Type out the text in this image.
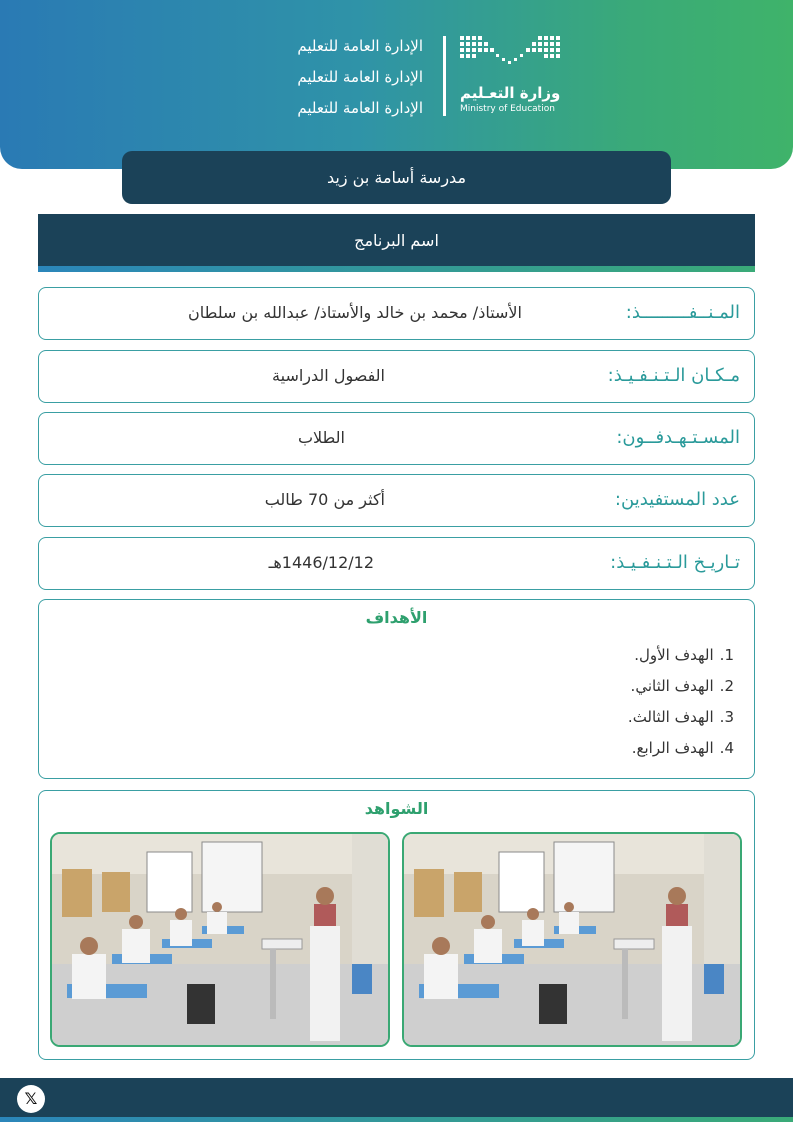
الإدارة العامة للتعليم
الإدارة العامة للتعليم
الإدارة العامة للتعليم
وزارة التعـليم
Ministry of Education
مدرسة أسامة بن زيد
اسم البرنامج
المـنــفـــــــــذ:
الأستاذ/ محمد بن خالد والأستاذ/ عبدالله بن سلطان
مـكـان الـتـنـفـيـذ:
الفصول الدراسية
المسـتـهـدفــون:
الطلاب
عدد المستفيدين:
أكثر من 70 طالب
تـاريـخ الـتـنـفـيـذ:
1446/12/12هـ
الأهداف
1.الهدف الأول.
2.الهدف الثاني.
3.الهدف الثالث.
4.الهدف الرابع.
الشواهد
𝕏
